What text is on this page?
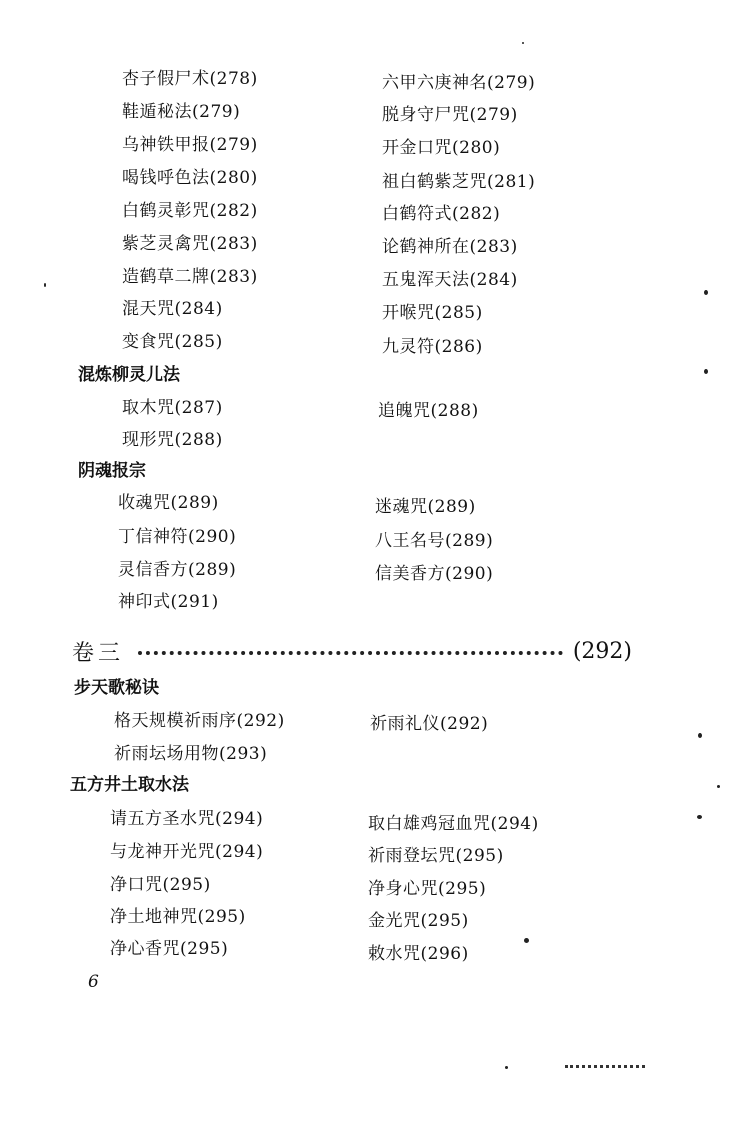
杏子假尸术(278)
鞋遁秘法(279)
乌神铁甲报(279)
喝钱呼色法(280)
白鹤灵彰咒(282)
紫芝灵禽咒(283)
造鹤草二牌(283)
混天咒(284)
变食咒(285)
六甲六庚神名(279)
脱身守尸咒(279)
开金口咒(280)
祖白鹤紫芝咒(281)
白鹤符式(282)
论鹤神所在(283)
五鬼浑天法(284)
开喉咒(285)
九灵符(286)
混炼柳灵儿法
取木咒(287)
现形咒(288)
追魄咒(288)
阴魂报宗
收魂咒(289)
丁信神符(290)
灵信香方(289)
神印式(291)
迷魂咒(289)
八王名号(289)
信美香方(290)
卷三	(292)
步天歌秘诀
格天规模祈雨序(292)
祈雨坛场用物(293)
祈雨礼仪(292)
五方井土取水法
请五方圣水咒(294)
与龙神开光咒(294)
净口咒(295)
净土地神咒(295)
净心香咒(295)
取白雄鸡冠血咒(294)
祈雨登坛咒(295)
净身心咒(295)
金光咒(295)
敕水咒(296)
6
